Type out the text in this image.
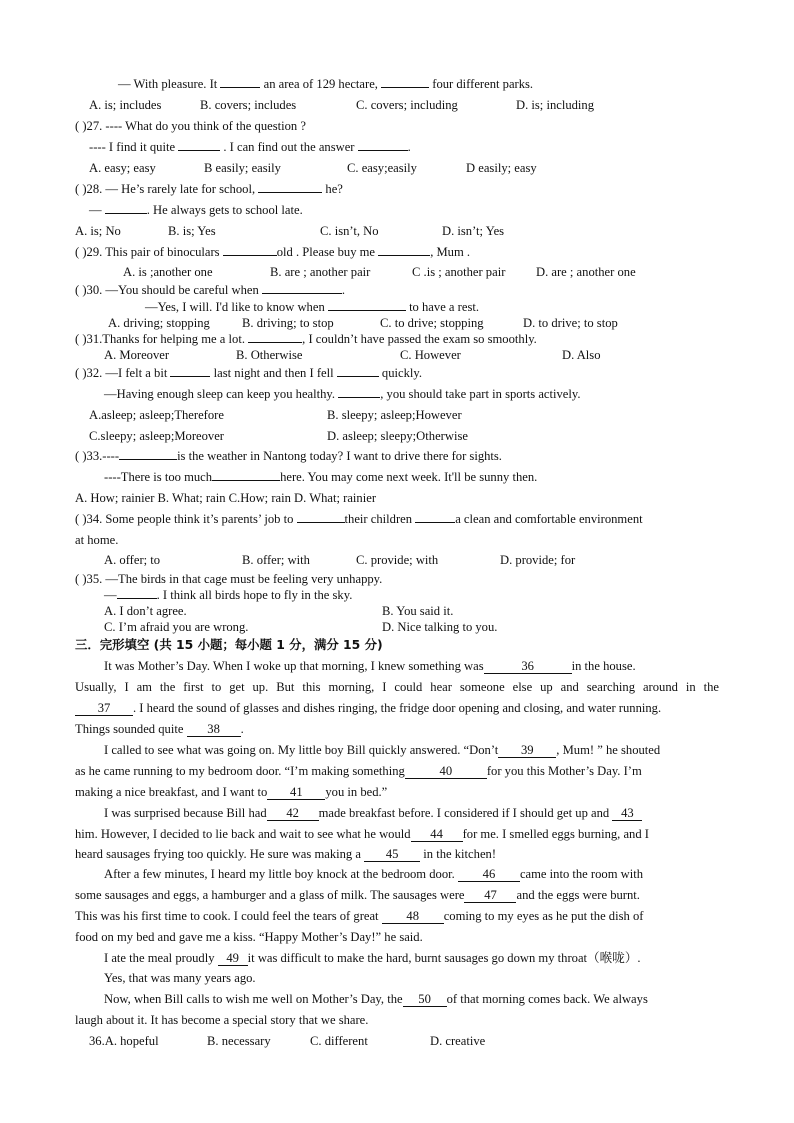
— With pleasure. It	an area of 129 hectare,	four different parks.
A. is; includes	B. covers; includes	C. covers; including	D. is; including
( )27. ---- What do you think of the question ?
---- I find it quite	. I can find out the answer	.
A. easy; easy	B easily; easily	C. easy;easily	D easily; easy
( )28. — He’s rarely late for school,	he?
—	. He always gets to school late.
A. is; No	B. is; Yes	C. isn’t, No	D. isn’t; Yes
( )29. This pair of binoculars	old . Please buy me	, Mum .
A. is ;another one	B. are ; another pair	C .is ; another pair D. are ; another one
( )30. —You should be careful when	.
—Yes, I will. I'd like to know when	to have a rest.
A. driving; stopping	B. driving; to stop	C. to drive; stopping	D. to drive; to stop
( )31.Thanks for helping me a lot.	, I couldn’t have passed the exam so smoothly.
A. Moreover	B. Otherwise	C. However	D. Also
( )32. —I felt a bit	last night and then I fell	quickly.
—Having enough sleep can keep you healthy.	, you should take part in sports actively.
A.asleep; asleep;Therefore	B. sleepy; asleep;However
C.sleepy; asleep;Moreover	D. asleep; sleepy;Otherwise
( )33.----	is the weather in Nantong today? I want to drive there for sights.
----There is too much	here. You may come next week. It'll be sunny then.
A. How; rainier B. What; rain C.How; rain D. What; rainier
( )34. Some people think it’s parents’ job to	their children	a clean and comfortable environment
at home.
A. offer; to	B. offer; with	C. provide; with	D. provide; for
( )35. —The birds in that cage must be feeling very unhappy.
—	. I think all birds hope to fly in the sky.
A. I don’t agree.	B. You said it.
C. I’m afraid you are wrong.	D. Nice talking to you.
三．完形填空 (共 15 小题；每小题 1 分，满分 15 分)
It was Mother’s Day. When I woke up that morning, I knew something was	36	in the house.
Usually, I am the first to get up. But this morning, I could hear someone else up and searching around in the
37 . I heard the sound of glasses and dishes ringing, the fridge door opening and closing, and water running.
Things sounded quite 38 .
I called to see what was going on. My little boy Bill quickly answered. “Don’t 39 , Mum! ” he shouted
as he came running to my bedroom door. “I’m making something	40	for you this Mother’s Day. I’m
making a nice breakfast, and I want to 41 you in bed.”
I was surprised because Bill had 42 made breakfast before. I considered if I should get up and 43
him. However, I decided to lie back and wait to see what he would 44 for me. I smelled eggs burning, and I
heard sausages frying too quickly. He sure was making a 45 in the kitchen!
After a few minutes, I heard my little boy knock at the bedroom door. 46 came into the room with
some sausages and eggs, a hamburger and a glass of milk. The sausages were 47 and the eggs were burnt.
This was his first time to cook. I could feel the tears of great 48 coming to my eyes as he put the dish of
food on my bed and gave me a kiss. “Happy Mother’s Day!” he said.
I ate the meal proudly 49 it was difficult to make the hard, burnt sausages go down my throat（喉咙）.
Yes, that was many years ago.
Now, when Bill calls to wish me well on Mother’s Day, the 50 of that morning comes back. We always
laugh about it. It has become a special story that we share.
36.A. hopeful	B. necessary	C. different	D. creative
